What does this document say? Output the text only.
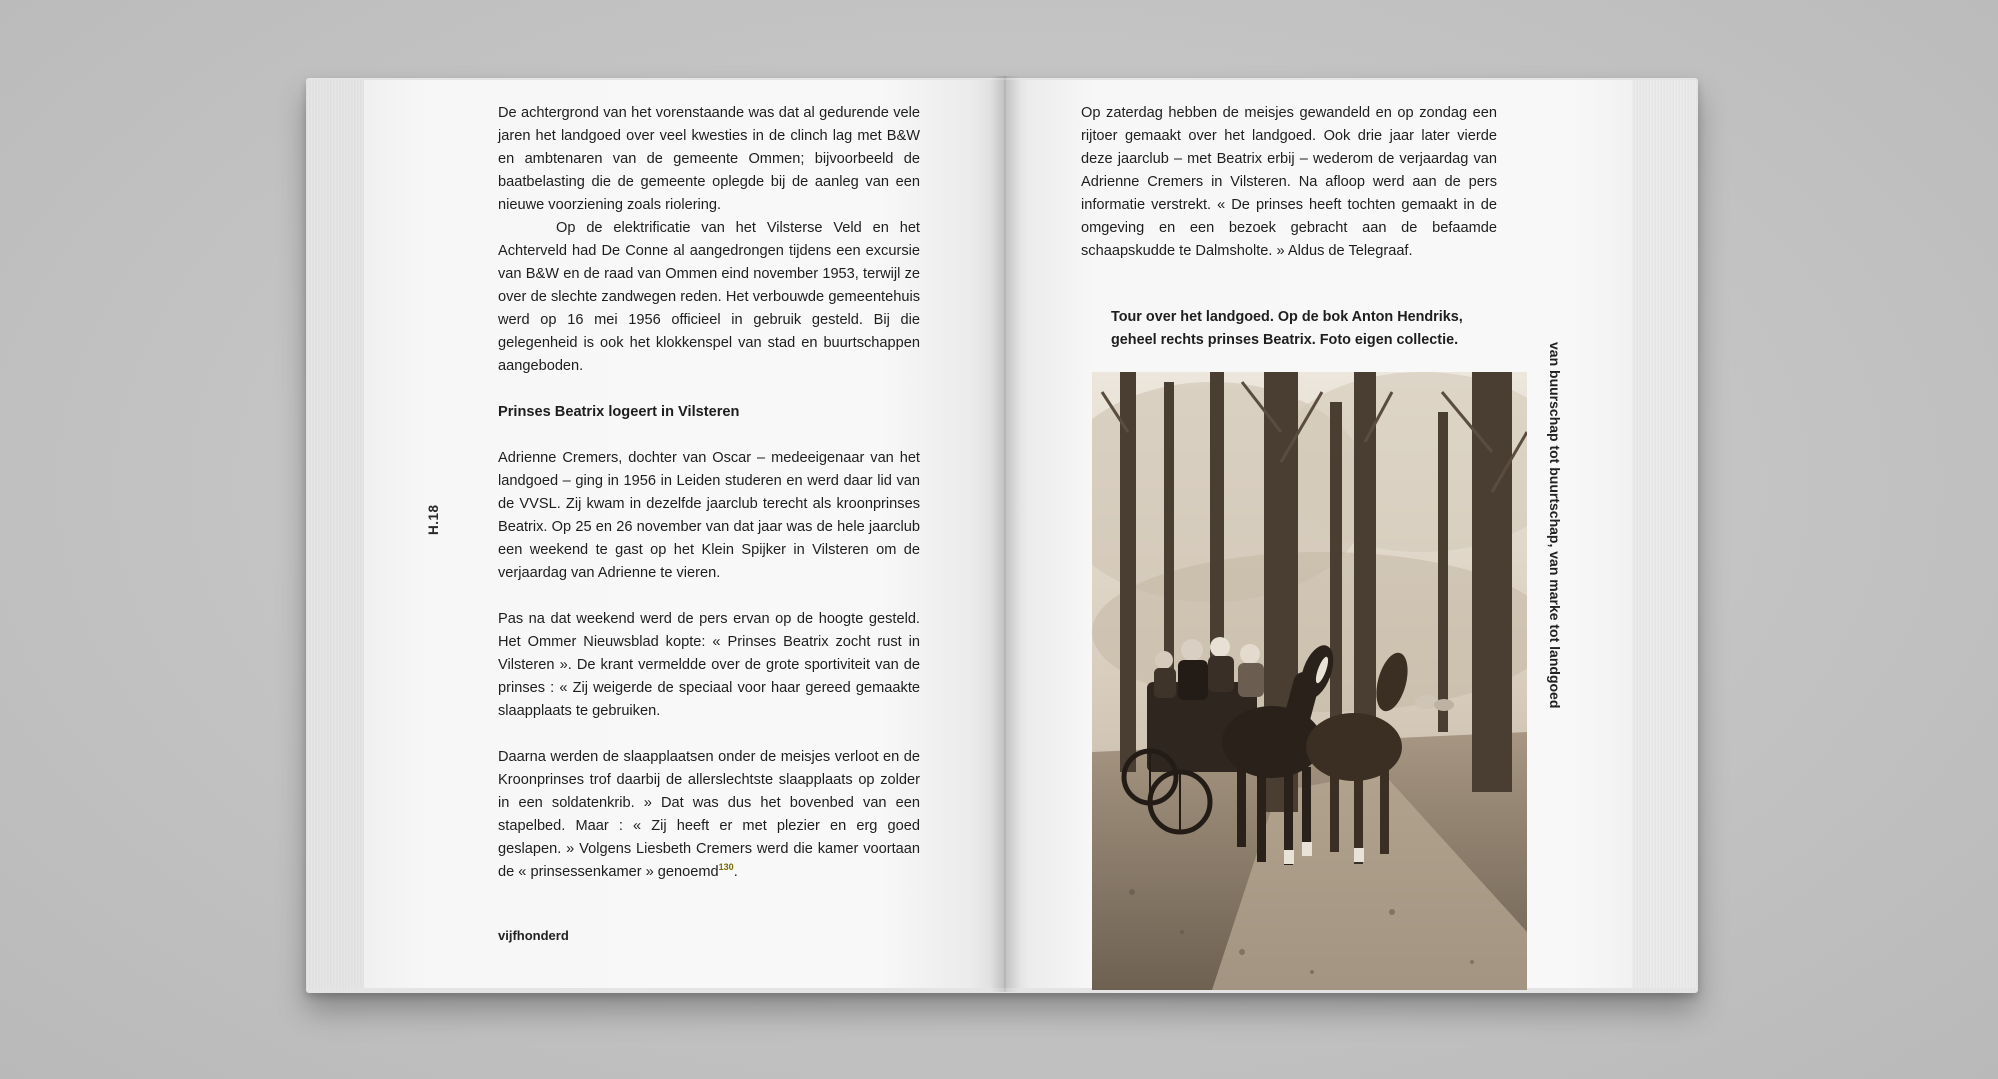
H.18

De achtergrond van het vorenstaande was dat al gedurende vele jaren het landgoed over veel kwesties in de clinch lag met B&W en ambtenaren van de gemeente Ommen; bijvoorbeeld de baatbelasting die de gemeente oplegde bij de aanleg van een nieuwe voorziening zoals riolering.

Op de elektrificatie van het Vilsterse Veld en het Achterveld had De Conne al aangedrongen tijdens een excursie van B&W en de raad van Ommen eind november 1953, terwijl ze over de slechte zandwegen reden. Het verbouwde gemeentehuis werd op 16 mei 1956 officieel in gebruik gesteld. Bij die gelegenheid is ook het klokkenspel van stad en buurtschappen aangeboden.

Prinses Beatrix logeert in Vilsteren

Adrienne Cremers, dochter van Oscar – medeeigenaar van het landgoed – ging in 1956 in Leiden studeren en werd daar lid van de VVSL. Zij kwam in dezelfde jaarclub terecht als kroonprinses Beatrix. Op 25 en 26 november van dat jaar was de hele jaarclub een weekend te gast op het Klein Spijker in Vilsteren om de verjaardag van Adrienne te vieren.

Pas na dat weekend werd de pers ervan op de hoogte gesteld. Het Ommer Nieuwsblad kopte: « Prinses Beatrix zocht rust in Vilsteren ». De krant vermeldde over de grote sportiviteit van de prinses : « Zij weigerde de speciaal voor haar gereed gemaakte slaapplaats te gebruiken.

Daarna werden de slaapplaatsen onder de meisjes verloot en de Kroonprinses trof daarbij de allerslechtste slaapplaats op zolder in een soldatenkrib. » Dat was dus het bovenbed van een stapelbed. Maar : « Zij heeft er met plezier en erg goed geslapen. » Volgens Liesbeth Cremers werd die kamer voortaan de « prinsessenkamer » genoemd$^{130}$.

vijfhonderd

Op zaterdag hebben de meisjes gewandeld en op zondag een rijtoer gemaakt over het landgoed. Ook drie jaar later vierde deze jaarclub – met Beatrix erbij – wederom de verjaardag van Adrienne Cremers in Vilsteren. Na afloop werd aan de pers informatie verstrekt. « De prinses heeft tochten gemaakt in de omgeving en een bezoek gebracht aan de befaamde schaapskudde te Dalmsholte. » Aldus de Telegraaf.

Tour over het landgoed. Op de bok Anton Hendriks, geheel rechts prinses Beatrix. Foto eigen collectie.
van buurschap tot buurtschap, van marke tot landgoed
